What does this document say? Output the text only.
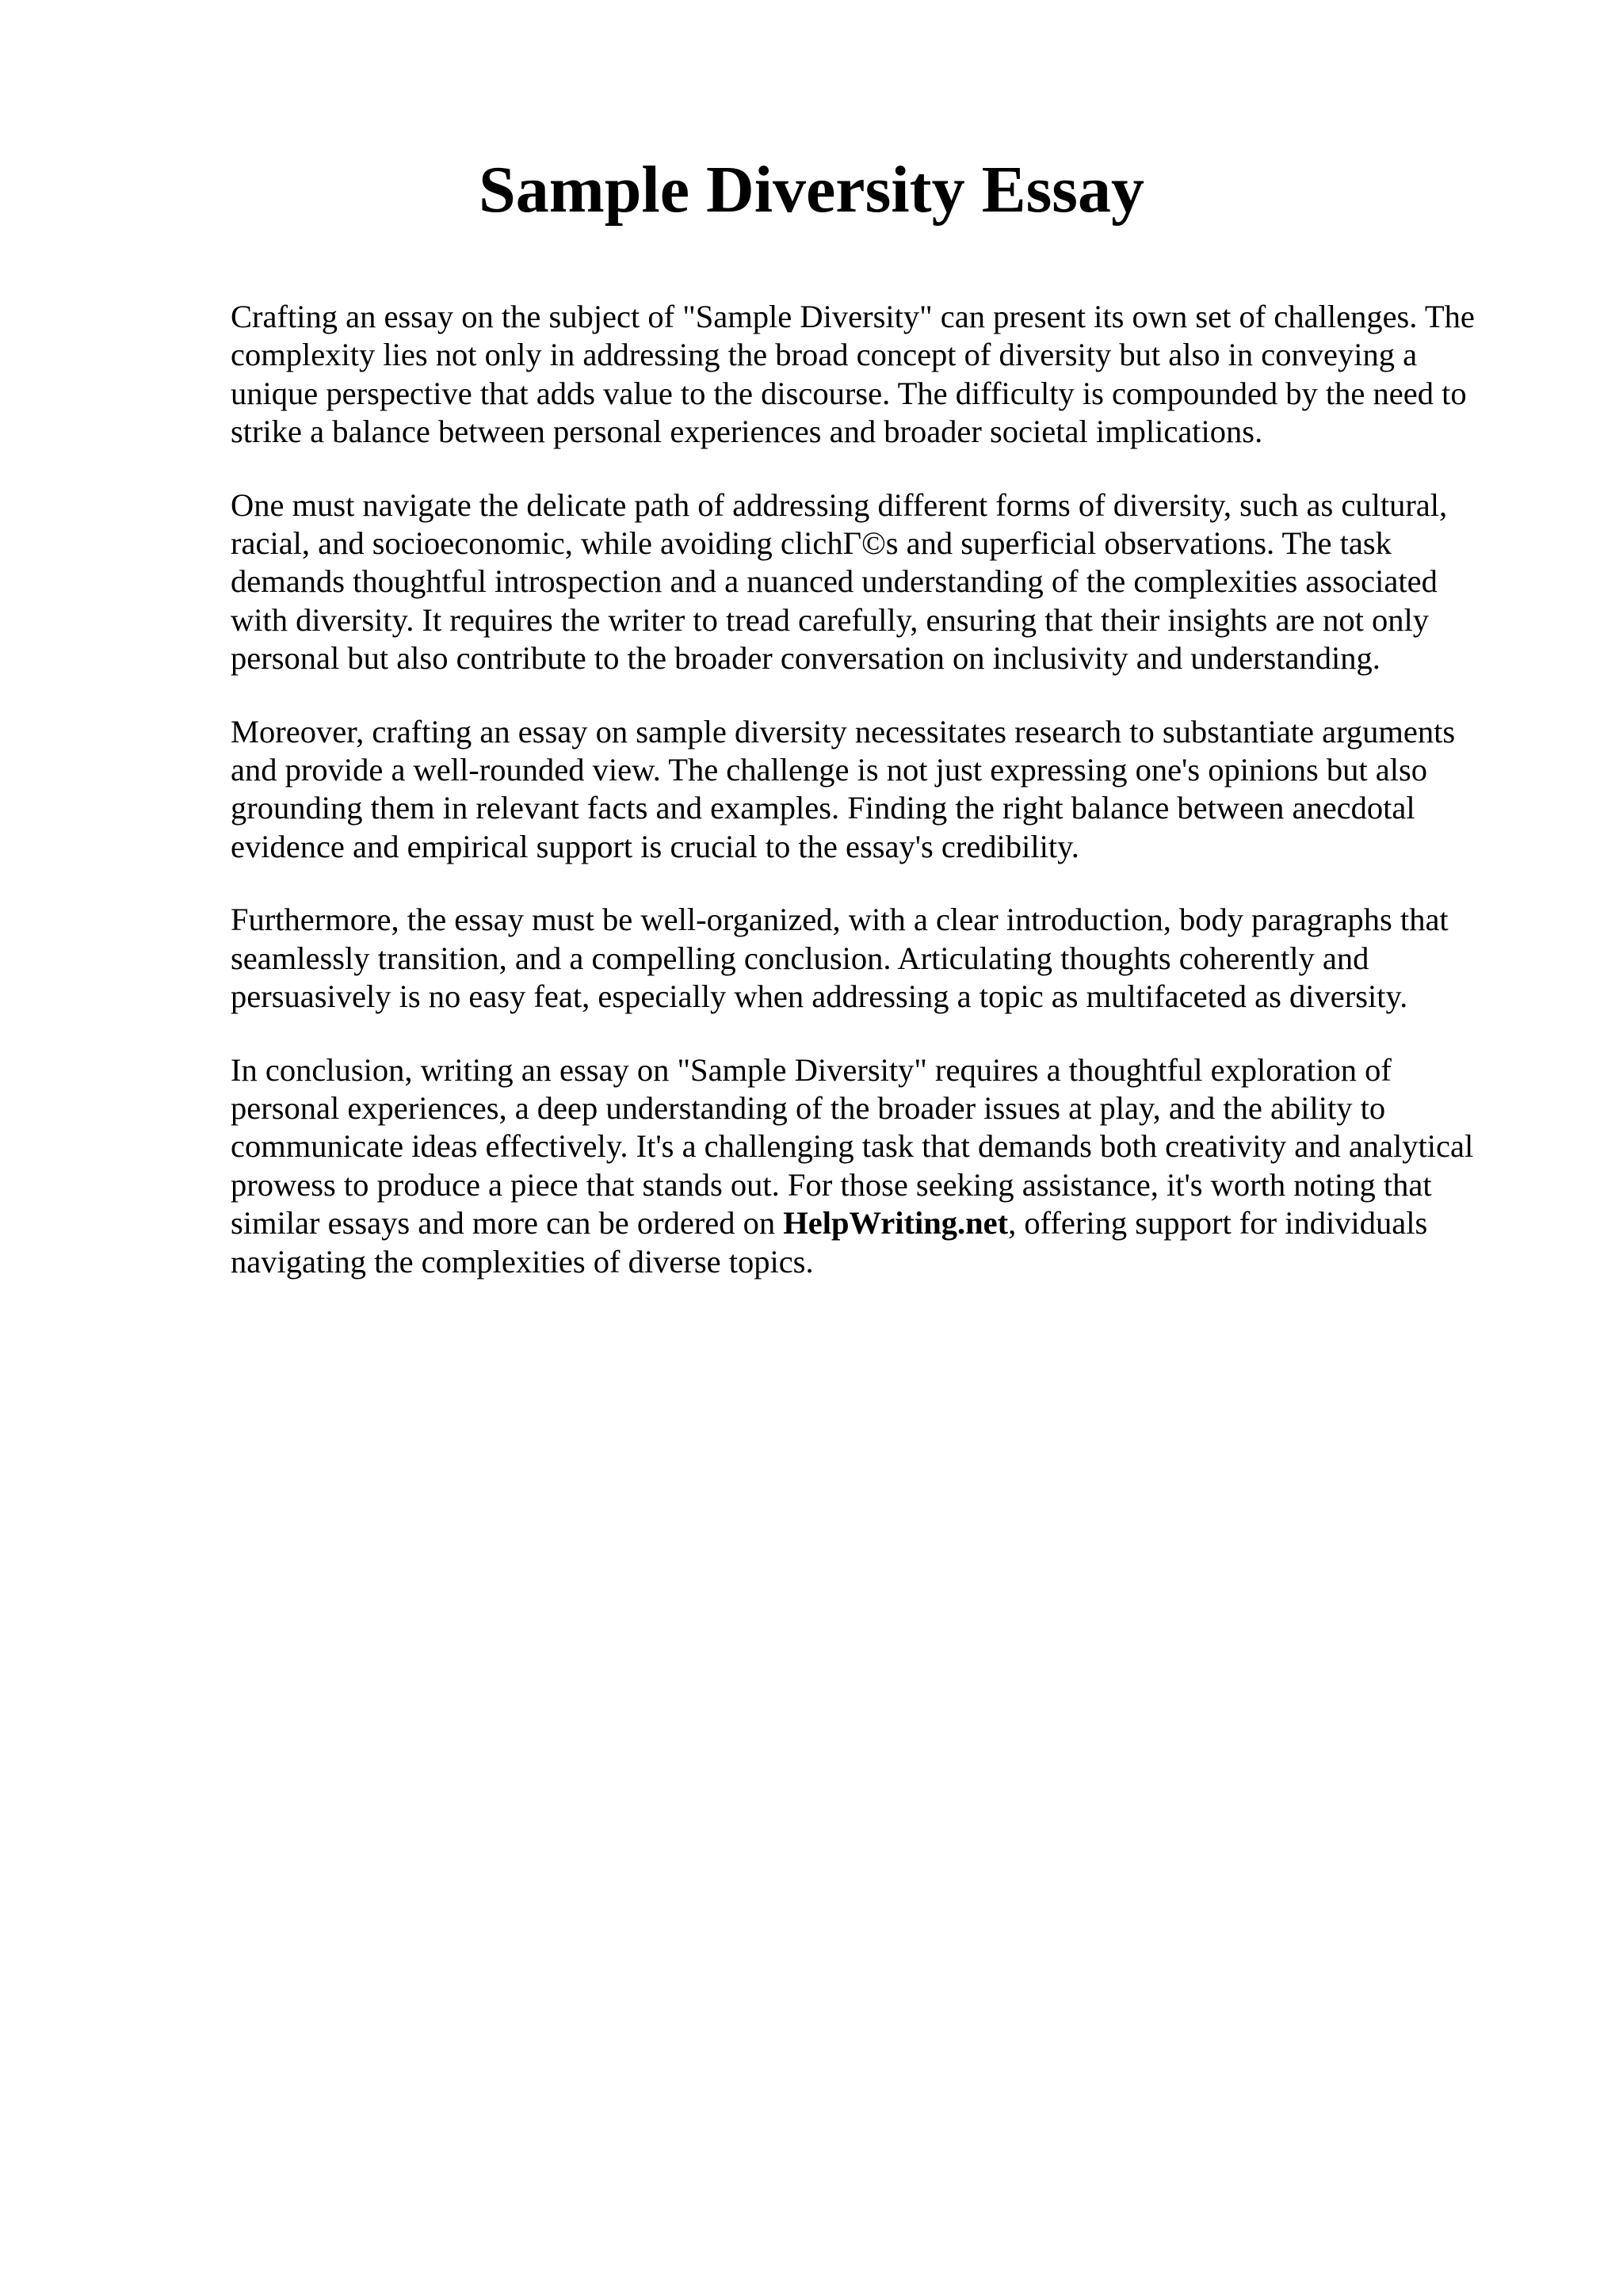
Sample Diversity Essay

Crafting an essay on the subject of "Sample Diversity" can present its own set of challenges. The
complexity lies not only in addressing the broad concept of diversity but also in conveying a
unique perspective that adds value to the discourse. The difficulty is compounded by the need to
strike a balance between personal experiences and broader societal implications.

One must navigate the delicate path of addressing different forms of diversity, such as cultural,
racial, and socioeconomic, while avoiding clichΓ©s and superficial observations. The task
demands thoughtful introspection and a nuanced understanding of the complexities associated
with diversity. It requires the writer to tread carefully, ensuring that their insights are not only
personal but also contribute to the broader conversation on inclusivity and understanding.

Moreover, crafting an essay on sample diversity necessitates research to substantiate arguments
and provide a well-rounded view. The challenge is not just expressing one's opinions but also
grounding them in relevant facts and examples. Finding the right balance between anecdotal
evidence and empirical support is crucial to the essay's credibility.

Furthermore, the essay must be well-organized, with a clear introduction, body paragraphs that
seamlessly transition, and a compelling conclusion. Articulating thoughts coherently and
persuasively is no easy feat, especially when addressing a topic as multifaceted as diversity.

In conclusion, writing an essay on "Sample Diversity" requires a thoughtful exploration of
personal experiences, a deep understanding of the broader issues at play, and the ability to
communicate ideas effectively. It's a challenging task that demands both creativity and analytical
prowess to produce a piece that stands out. For those seeking assistance, it's worth noting that
similar essays and more can be ordered on HelpWriting.net, offering support for individuals
navigating the complexities of diverse topics.
